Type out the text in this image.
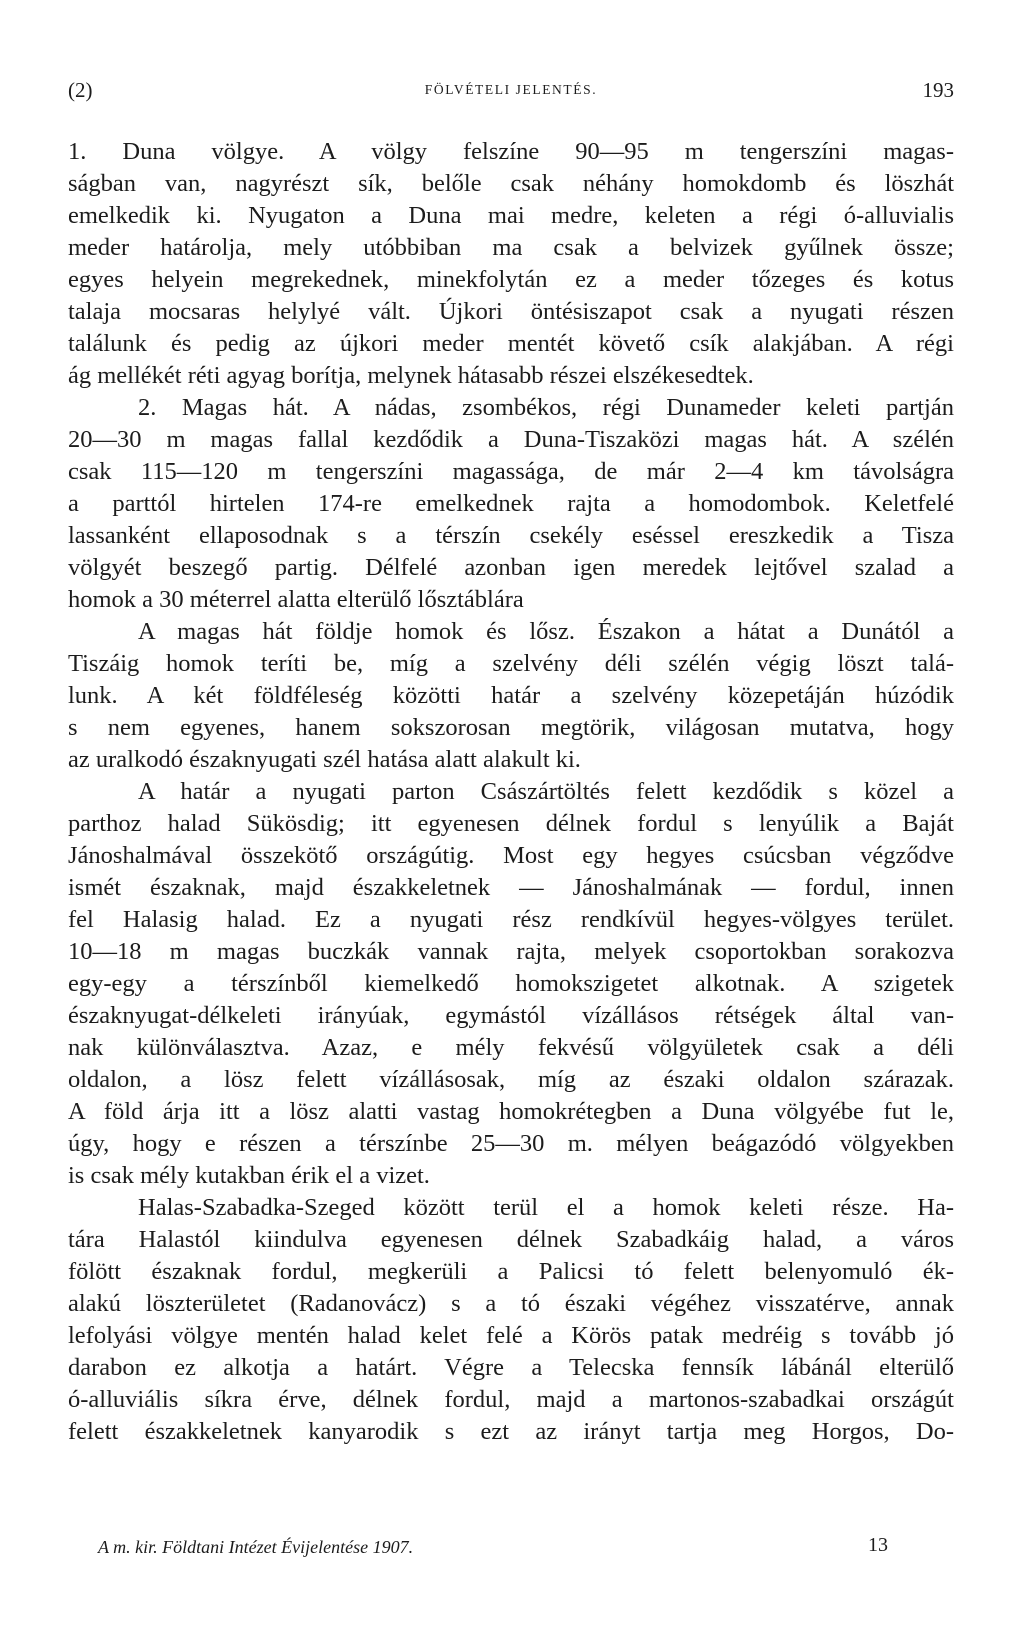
(2)	FÖLVÉTELI JELENTÉS.	193
1. Duna völgye. A völgy felszíne 90—95 m tengerszíni magas-
ságban van, nagyrészt sík, belőle csak néhány homokdomb és löszhát
emelkedik ki. Nyugaton a Duna mai medre, keleten a régi ó-alluvialis
meder határolja, mely utóbbiban ma csak a belvizek gyűlnek össze;
egyes helyein megrekednek, minekfolytán ez a meder tőzeges és kotus
talaja mocsaras helylyé vált. Újkori öntésiszapot csak a nyugati részen
találunk és pedig az újkori meder mentét követő csík alakjában. A régi
ág mellékét réti agyag borítja, melynek hátasabb részei elszékesedtek.
2. Magas hát. A nádas, zsombékos, régi Dunameder keleti partján
20—30 m magas fallal kezdődik a Duna-Tiszaközi magas hát. A szélén
csak 115—120 m tengerszíni magassága, de már 2—4 km távolságra
a parttól hirtelen 174-re emelkednek rajta a homodombok. Keletfelé
lassanként ellaposodnak s a térszín csekély eséssel ereszkedik a Tisza
völgyét beszegő partig. Délfelé azonban igen meredek lejtővel szalad a
homok a 30 méterrel alatta elterülő lősztáblára
A magas hát földje homok és lősz. Északon a hátat a Dunától a
Tiszáig homok teríti be, míg a szelvény déli szélén végig löszt talá-
lunk. A két földféleség közötti határ a szelvény közepetáján húzódik
s nem egyenes, hanem sokszorosan megtörik, világosan mutatva, hogy
az uralkodó északnyugati szél hatása alatt alakult ki.
A határ a nyugati parton Császártöltés felett kezdődik s közel a
parthoz halad Sükösdig; itt egyenesen délnek fordul s lenyúlik a Baját
Jánoshalmával összekötő országútig. Most egy hegyes csúcsban végződve
ismét északnak, majd északkeletnek — Jánoshalmának — fordul, innen
fel Halasig halad. Ez a nyugati rész rendkívül hegyes-völgyes terület.
10—18 m magas buczkák vannak rajta, melyek csoportokban sorakozva
egy-egy a térszínből kiemelkedő homokszigetet alkotnak. A szigetek
északnyugat-délkeleti irányúak, egymástól vízállásos rétségek által van-
nak különválasztva. Azaz, e mély fekvésű völgyületek csak a déli
oldalon, a lösz felett vízállásosak, míg az északi oldalon szárazak.
A föld árja itt a lösz alatti vastag homokrétegben a Duna völgyébe fut le,
úgy, hogy e részen a térszínbe 25—30 m. mélyen beágazódó völgyekben
is csak mély kutakban érik el a vizet.
Halas-Szabadka-Szeged között terül el a homok keleti része. Ha-
tára Halastól kiindulva egyenesen délnek Szabadkáig halad, a város
fölött északnak fordul, megkerüli a Palicsi tó felett belenyomuló ék-
alakú löszterületet (Radanovácz) s a tó északi végéhez visszatérve, annak
lefolyási völgye mentén halad kelet felé a Körös patak medréig s tovább jó
darabon ez alkotja a határt. Végre a Telecska fennsík lábánál elterülő
ó-alluviális síkra érve, délnek fordul, majd a martonos-szabadkai országút
felett északkeletnek kanyarodik s ezt az irányt tartja meg Horgos, Do-
A m. kir. Földtani Intézet Évijelentése 1907.	13
